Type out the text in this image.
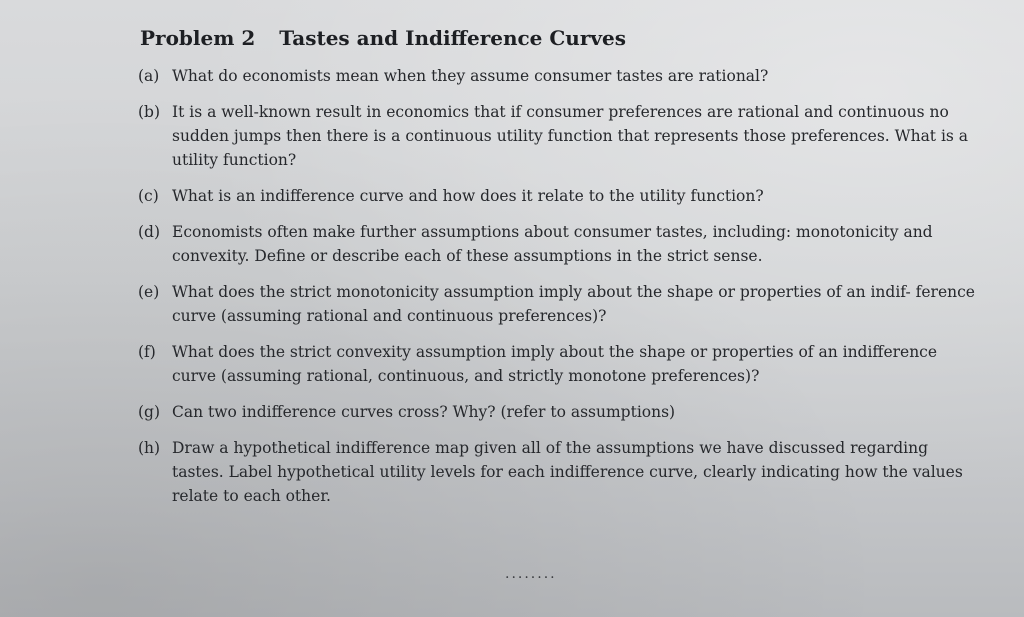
Problem 2 Tastes and Indifference Curves
(a) What do economists mean when they assume consumer tastes are rational?
(b) It is a well-known result in economics that if consumer preferences are rational and continuous no sudden jumps then there is a continuous utility function that represents those preferences. What is a utility function?
(c) What is an indifference curve and how does it relate to the utility function?
(d) Economists often make further assumptions about consumer tastes, including: monotonicity and convexity. Define or describe each of these assumptions in the strict sense.
(e) What does the strict monotonicity assumption imply about the shape or properties of an indif- ference curve (assuming rational and continuous preferences)?
(f)	What does the strict convexity assumption imply about the shape or properties of an indifference curve (assuming rational, continuous, and strictly monotone preferences)?
(g) Can two indifference curves cross? Why? (refer to assumptions)
(h) Draw a hypothetical indifference map given all of the assumptions we have discussed regarding tastes. Label hypothetical utility levels for each indifference curve, clearly indicating how the values relate to each other.
........
